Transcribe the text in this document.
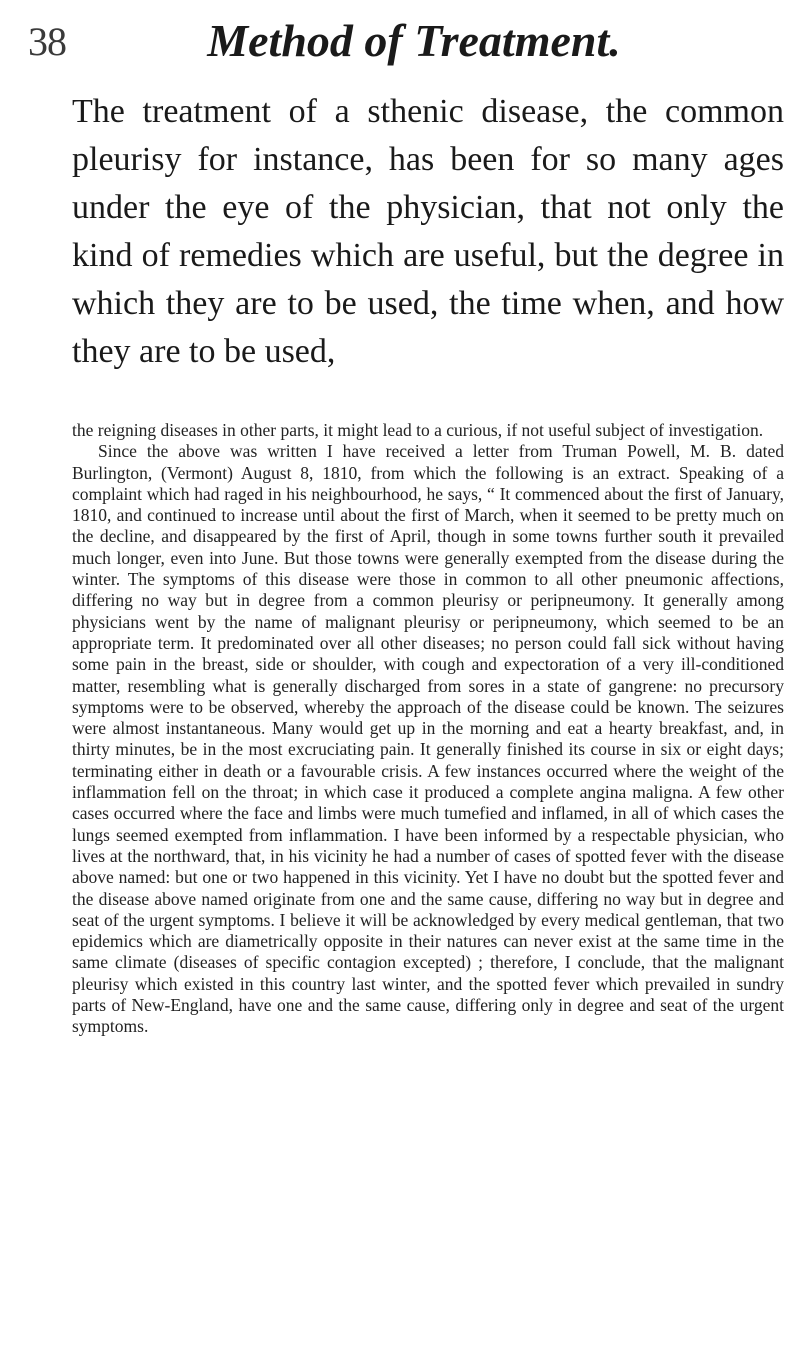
38	Method of Treatment.

The treatment of a sthenic disease, the common pleurisy for instance, has been for so many ages under the eye of the physician, that not only the kind of remedies which are useful, but the degree in which they are to be used, the time when, and how they are to be used,

the reigning diseases in other parts, it might lead to a curious, if not useful subject of investigation.

Since the above was written I have received a letter from Truman Powell, M. B. dated Burlington, (Vermont) August 8, 1810, from which the following is an extract. Speaking of a complaint which had raged in his neighbourhood, he says, “ It commenced about the first of January, 1810, and continued to increase until about the first of March, when it seemed to be pretty much on the decline, and disappeared by the first of April, though in some towns further south it prevailed much longer, even into June. But those towns were generally exempted from the disease during the winter. The symptoms of this disease were those in common to all other pneumonic affections, differing no way but in degree from a common pleurisy or peripneumony. It generally among physicians went by the name of malignant pleurisy or peripneumony, which seemed to be an appropriate term. It predominated over all other diseases; no person could fall sick without having some pain in the breast, side or shoulder, with cough and expectoration of a very ill-conditioned matter, resembling what is generally discharged from sores in a state of gangrene: no precursory symptoms were to be observed, whereby the approach of the disease could be known. The seizures were almost instantaneous. Many would get up in the morning and eat a hearty breakfast, and, in thirty minutes, be in the most excruciating pain. It generally finished its course in six or eight days; terminating either in death or a favourable crisis. A few instances occurred where the weight of the inflammation fell on the throat; in which case it produced a complete angina maligna. A few other cases occurred where the face and limbs were much tumefied and inflamed, in all of which cases the lungs seemed exempted from inflammation. I have been informed by a respectable physician, who lives at the northward, that, in his vicinity he had a number of cases of spotted fever with the disease above named: but one or two happened in this vicinity. Yet I have no doubt but the spotted fever and the disease above named originate from one and the same cause, differing no way but in degree and seat of the urgent symptoms. I believe it will be acknowledged by every medical gentleman, that two epidemics which are diametrically opposite in their natures can never exist at the same time in the same climate (diseases of specific contagion excepted) ; therefore, I conclude, that the malignant pleurisy which existed in this country last winter, and the spotted fever which prevailed in sundry parts of New-England, have one and the same cause, differing only in degree and seat of the urgent symptoms.
